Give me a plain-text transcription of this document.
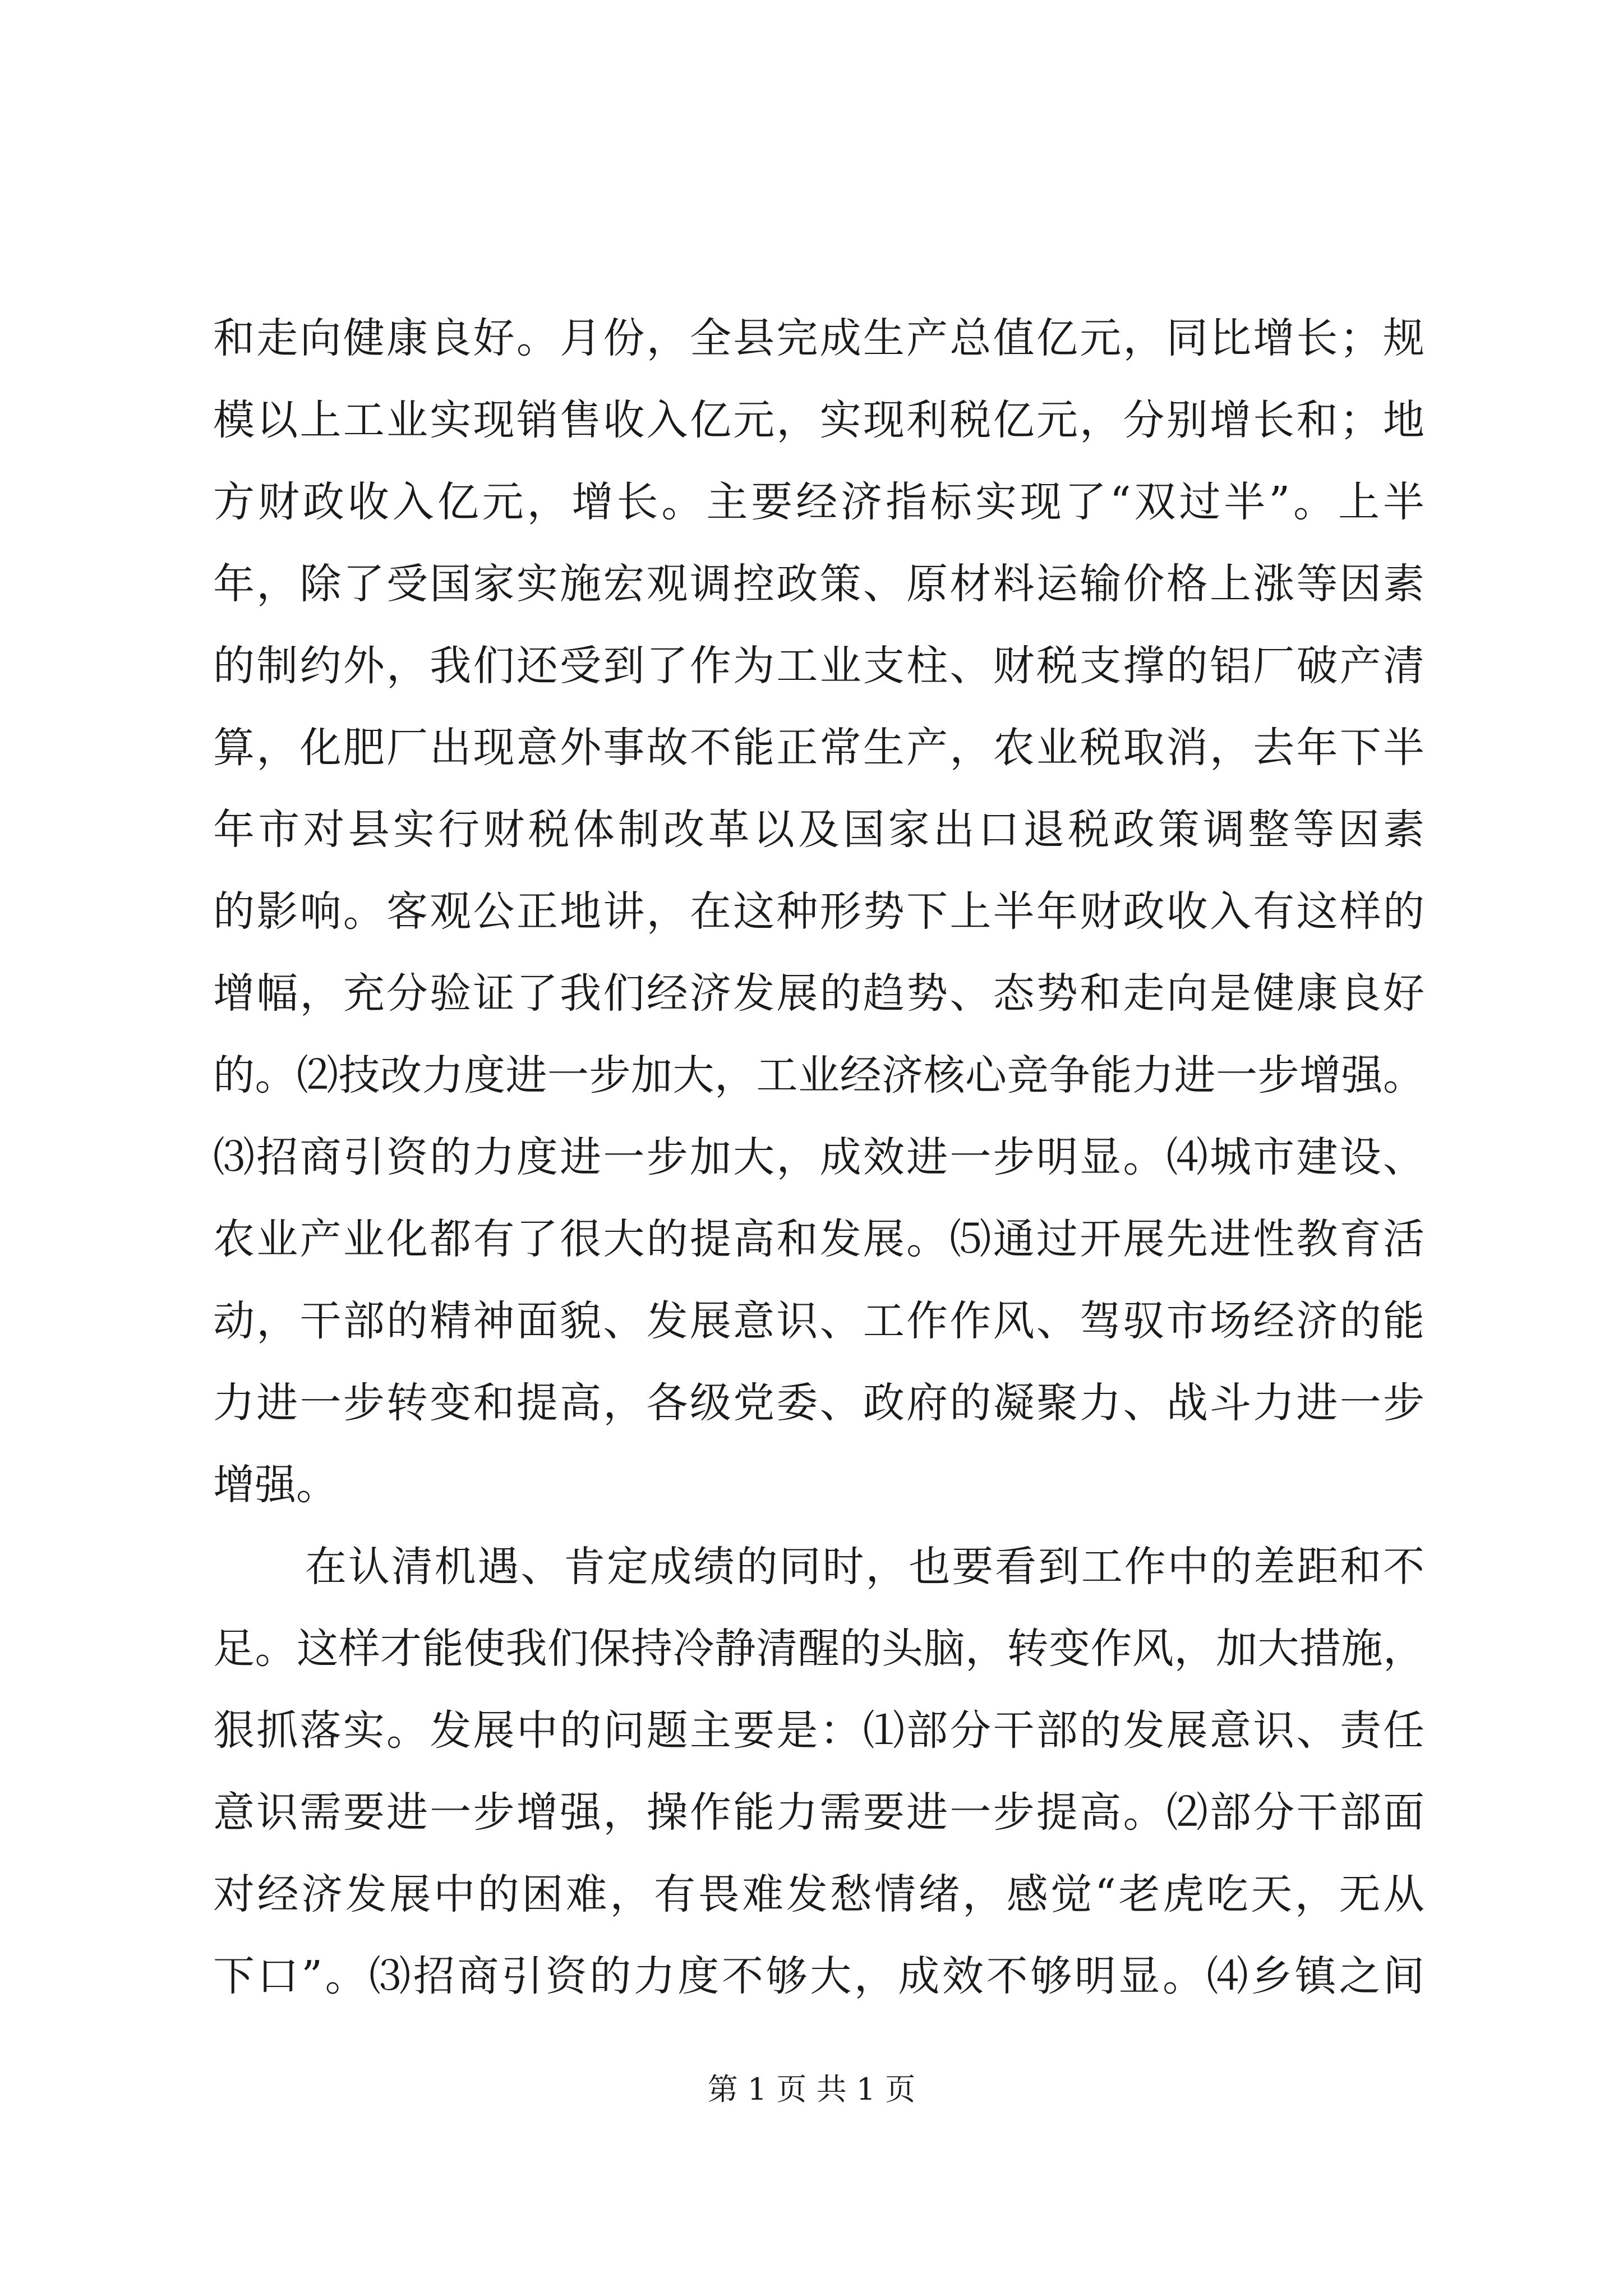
和走向健康良好。月份，全县完成生产总值亿元，同比增长；规
模以上工业实现销售收入亿元，实现利税亿元，分别增长和；地
方财政收入亿元，增长。主要经济指标实现了“双过半”。上半
年，除了受国家实施宏观调控政策、原材料运输价格上涨等因素
的制约外，我们还受到了作为工业支柱、财税支撑的铝厂破产清
算，化肥厂出现意外事故不能正常生产，农业税取消，去年下半
年市对县实行财税体制改革以及国家出口退税政策调整等因素
的影响。客观公正地讲，在这种形势下上半年财政收入有这样的
增幅，充分验证了我们经济发展的趋势、态势和走向是健康良好
的。⑵技改力度进一步加大，工业经济核心竞争能力进一步增强。
⑶招商引资的力度进一步加大，成效进一步明显。⑷城市建设、
农业产业化都有了很大的提高和发展。⑸通过开展先进性教育活
动，干部的精神面貌、发展意识、工作作风、驾驭市场经济的能
力进一步转变和提高，各级党委、政府的凝聚力、战斗力进一步
增强。
在认清机遇、肯定成绩的同时，也要看到工作中的差距和不
足。这样才能使我们保持冷静清醒的头脑，转变作风，加大措施，
狠抓落实。发展中的问题主要是：⑴部分干部的发展意识、责任
意识需要进一步增强，操作能力需要进一步提高。⑵部分干部面
对经济发展中的困难，有畏难发愁情绪，感觉“老虎吃天，无从
下口”。⑶招商引资的力度不够大，成效不够明显。⑷乡镇之间
第 1 页 共 1 页
